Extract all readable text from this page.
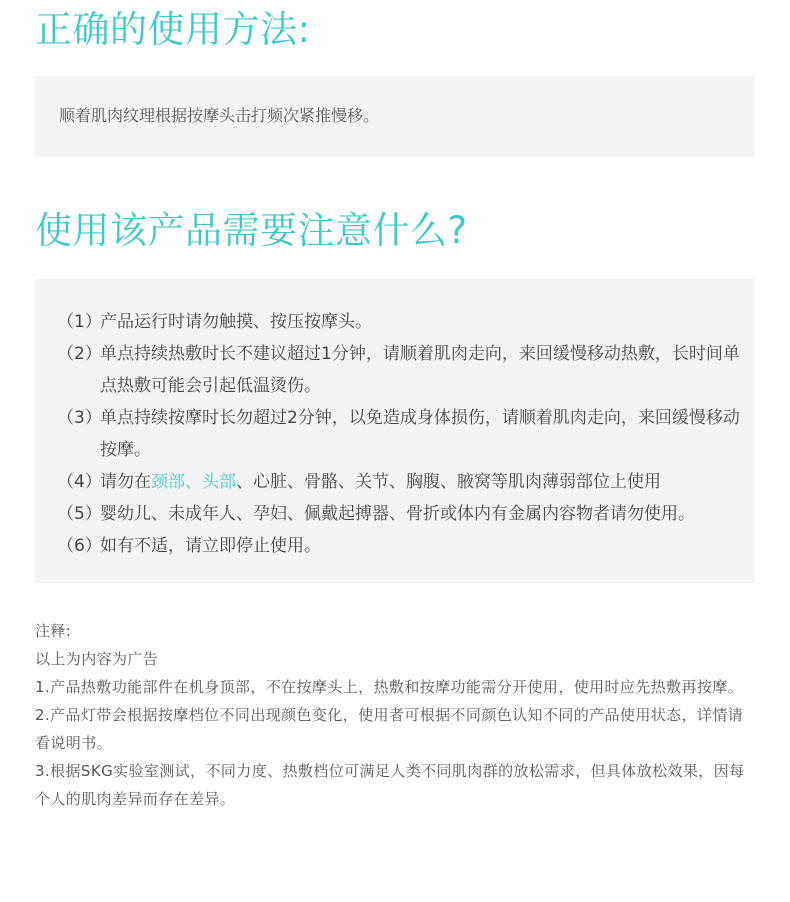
正确的使用方法:
顺着肌肉纹理根据按摩头击打频次紧推慢移。
使用该产品需要注意什么?
（1）
产品运行时请勿触摸、按压按摩头。
（2）
单点持续热敷时长不建议超过1分钟，请顺着肌肉走向，来回缓慢移动热敷，长时间单点热敷可能会引起低温烫伤。
（3）
单点持续按摩时长勿超过2分钟，以免造成身体损伤，请顺着肌肉走向，来回缓慢移动按摩。
（4）
请勿在颈部、头部、心脏、骨骼、关节、胸腹、腋窝等肌肉薄弱部位上使用
（5）
婴幼儿、未成年人、孕妇、佩戴起搏器、骨折或体内有金属内容物者请勿使用。
（6）
如有不适，请立即停止使用。

注释:

以上为内容为广告

1.产品热敷功能部件在机身顶部，不在按摩头上，热敷和按摩功能需分开使用，使用时应先热敷再按摩。

2.产品灯带会根据按摩档位不同出现颜色变化，使用者可根据不同颜色认知不同的产品使用状态，详情请看说明书。

3.根据SKG实验室测试，不同力度、热敷档位可满足人类不同肌肉群的放松需求，但具体放松效果，因每个人的肌肉差异而存在差异。
